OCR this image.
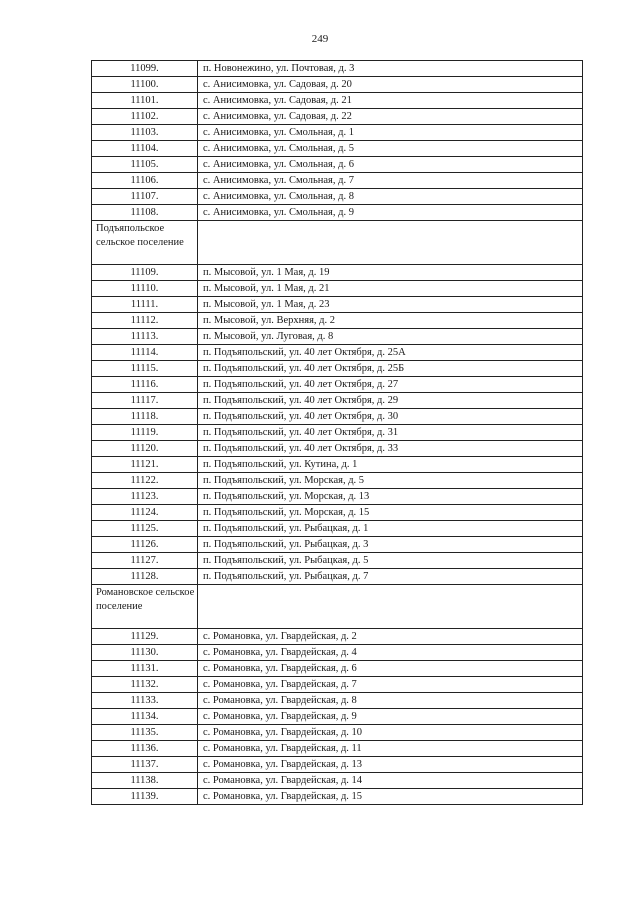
249
11099.	п. Новонежино, ул. Почтовая, д. 3
11100.	с. Анисимовка, ул. Садовая, д. 20
11101.	с. Анисимовка, ул. Садовая, д. 21
11102.	с. Анисимовка, ул. Садовая, д. 22
11103.	с. Анисимовка, ул. Смольная, д. 1
11104.	с. Анисимовка, ул. Смольная, д. 5
11105.	с. Анисимовка, ул. Смольная, д. 6
11106.	с. Анисимовка, ул. Смольная, д. 7
11107.	с. Анисимовка, ул. Смольная, д. 8
11108.	с. Анисимовка, ул. Смольная, д. 9
Подъяпольское сельское поселение	
11109.	п. Мысовой, ул. 1 Мая, д. 19
11110.	п. Мысовой, ул. 1 Мая, д. 21
11111.	п. Мысовой, ул. 1 Мая, д. 23
11112.	п. Мысовой, ул. Верхняя, д. 2
11113.	п. Мысовой, ул. Луговая, д. 8
11114.	п. Подъяпольский, ул. 40 лет Октября, д. 25А
11115.	п. Подъяпольский, ул. 40 лет Октября, д. 25Б
11116.	п. Подъяпольский, ул. 40 лет Октября, д. 27
11117.	п. Подъяпольский, ул. 40 лет Октября, д. 29
11118.	п. Подъяпольский, ул. 40 лет Октября, д. 30
11119.	п. Подъяпольский, ул. 40 лет Октября, д. 31
11120.	п. Подъяпольский, ул. 40 лет Октября, д. 33
11121.	п. Подъяпольский, ул. Кутина, д. 1
11122.	п. Подъяпольский, ул. Морская, д. 5
11123.	п. Подъяпольский, ул. Морская, д. 13
11124.	п. Подъяпольский, ул. Морская, д. 15
11125.	п. Подъяпольский, ул. Рыбацкая, д. 1
11126.	п. Подъяпольский, ул. Рыбацкая, д. 3
11127.	п. Подъяпольский, ул. Рыбацкая, д. 5
11128.	п. Подъяпольский, ул. Рыбацкая, д. 7
Романовское сельское поселение	
11129.	с. Романовка, ул. Гвардейская, д. 2
11130.	с. Романовка, ул. Гвардейская, д. 4
11131.	с. Романовка, ул. Гвардейская, д. 6
11132.	с. Романовка, ул. Гвардейская, д. 7
11133.	с. Романовка, ул. Гвардейская, д. 8
11134.	с. Романовка, ул. Гвардейская, д. 9
11135.	с. Романовка, ул. Гвардейская, д. 10
11136.	с. Романовка, ул. Гвардейская, д. 11
11137.	с. Романовка, ул. Гвардейская, д. 13
11138.	с. Романовка, ул. Гвардейская, д. 14
11139.	с. Романовка, ул. Гвардейская, д. 15
